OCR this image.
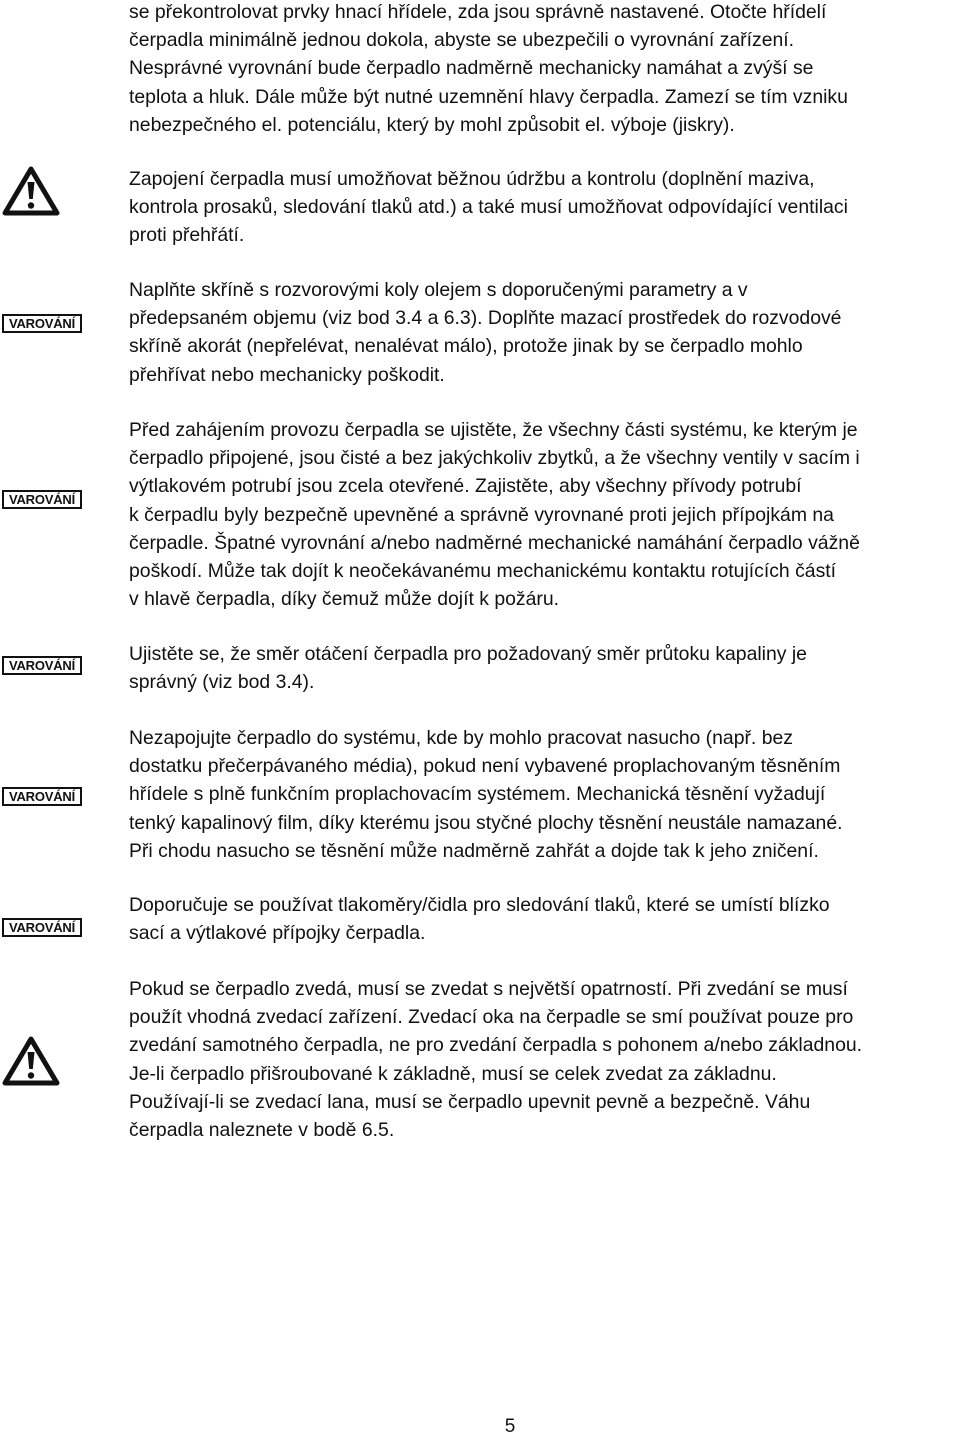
se překontrolovat prvky hnací hřídele, zda jsou správně nastavené. Otočte hřídelí
čerpadla minimálně jednou dokola, abyste se ubezpečili o vyrovnání zařízení.
Nesprávné vyrovnání bude čerpadlo nadměrně mechanicky namáhat a zvýší se
teplota a hluk. Dále může být nutné uzemnění hlavy čerpadla. Zamezí se tím vzniku
nebezpečného el. potenciálu, který by mohl způsobit el. výboje (jiskry).
Zapojení čerpadla musí umožňovat běžnou údržbu a kontrolu (doplnění maziva,
kontrola prosaků, sledování tlaků atd.) a také musí umožňovat odpovídající ventilaci
proti přehřátí.
Naplňte skříně s rozvorovými koly olejem s doporučenými parametry a v
předepsaném objemu (viz bod 3.4 a 6.3). Doplňte mazací prostředek do rozvodové
skříně akorát (nepřelévat, nenalévat málo), protože jinak by se čerpadlo mohlo
přehřívat nebo mechanicky poškodit.
Před zahájením provozu čerpadla se ujistěte, že všechny části systému, ke kterým je
čerpadlo připojené, jsou čisté a bez jakýchkoliv zbytků, a že všechny ventily v sacím i
výtlakovém potrubí jsou zcela otevřené. Zajistěte, aby všechny přívody potrubí
k čerpadlu byly bezpečně upevněné a správně vyrovnané proti jejich přípojkám na
čerpadle. Špatné vyrovnání a/nebo nadměrné mechanické namáhání čerpadlo vážně
poškodí. Může tak dojít k neočekávanému mechanickému kontaktu rotujících částí
v hlavě čerpadla, díky čemuž může dojít k požáru.
Ujistěte se, že směr otáčení čerpadla pro požadovaný směr průtoku kapaliny je
správný (viz bod 3.4).
Nezapojujte čerpadlo do systému, kde by mohlo pracovat nasucho (např. bez
dostatku přečerpávaného média), pokud není vybavené proplachovaným těsněním
hřídele s plně funkčním proplachovacím systémem. Mechanická těsnění vyžadují
tenký kapalinový film, díky kterému jsou styčné plochy těsnění neustále namazané.
Při chodu nasucho se těsnění může nadměrně zahřát a dojde tak k jeho zničení.
Doporučuje se používat tlakoměry/čidla pro sledování tlaků, které se umístí blízko
sací a výtlakové přípojky čerpadla.
Pokud se čerpadlo zvedá, musí se zvedat s největší opatrností. Při zvedání se musí
použít vhodná zvedací zařízení. Zvedací oka na čerpadle se smí používat pouze pro
zvedání samotného čerpadla, ne pro zvedání čerpadla s pohonem a/nebo základnou.
Je-li čerpadlo přišroubované k základně, musí se celek zvedat za základnu.
Používají-li se zvedací lana, musí se čerpadlo upevnit pevně a bezpečně. Váhu
čerpadla naleznete v bodě 6.5.
VAROVÁNÍ
VAROVÁNÍ
VAROVÁNÍ
VAROVÁNÍ
VAROVÁNÍ
5
